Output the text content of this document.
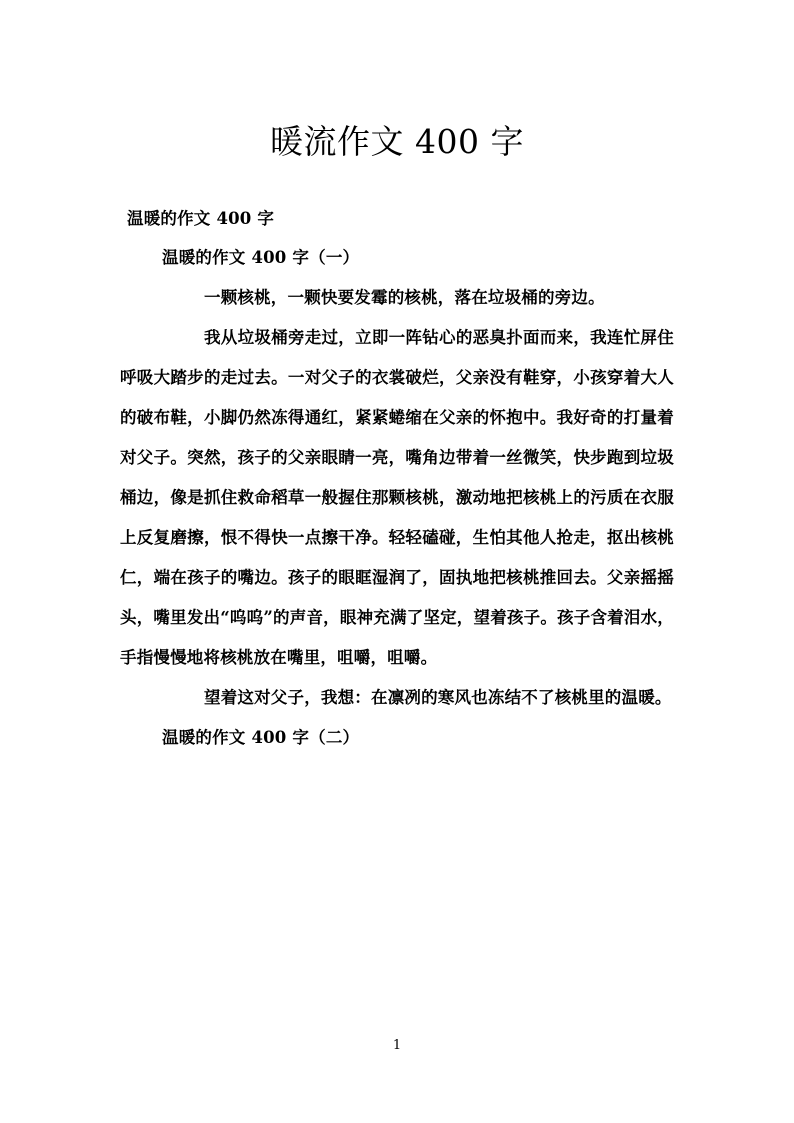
暖流作文 400 字

温暖的作文 400 字

温暖的作文 400 字（一）

一颗核桃，一颗快要发霉的核桃，落在垃圾桶的旁边。

我从垃圾桶旁走过，立即一阵钻心的恶臭扑面而来，我连忙屏住呼吸大踏步的走过去。一对父子的衣裳破烂，父亲没有鞋穿，小孩穿着大人的破布鞋，小脚仍然冻得通红，紧紧蜷缩在父亲的怀抱中。我好奇的打量着对父子。突然，孩子的父亲眼睛一亮，嘴角边带着一丝微笑，快步跑到垃圾桶边，像是抓住救命稻草一般握住那颗核桃，激动地把核桃上的污质在衣服上反复磨擦，恨不得快一点擦干净。轻轻磕碰，生怕其他人抢走，抠出核桃仁，端在孩子的嘴边。孩子的眼眶湿润了，固执地把核桃推回去。父亲摇摇头，嘴里发出“呜呜”的声音，眼神充满了坚定，望着孩子。孩子含着泪水，手指慢慢地将核桃放在嘴里，咀嚼，咀嚼。

望着这对父子，我想：在凛冽的寒风也冻结不了核桃里的温暖。

温暖的作文 400 字（二）

1
